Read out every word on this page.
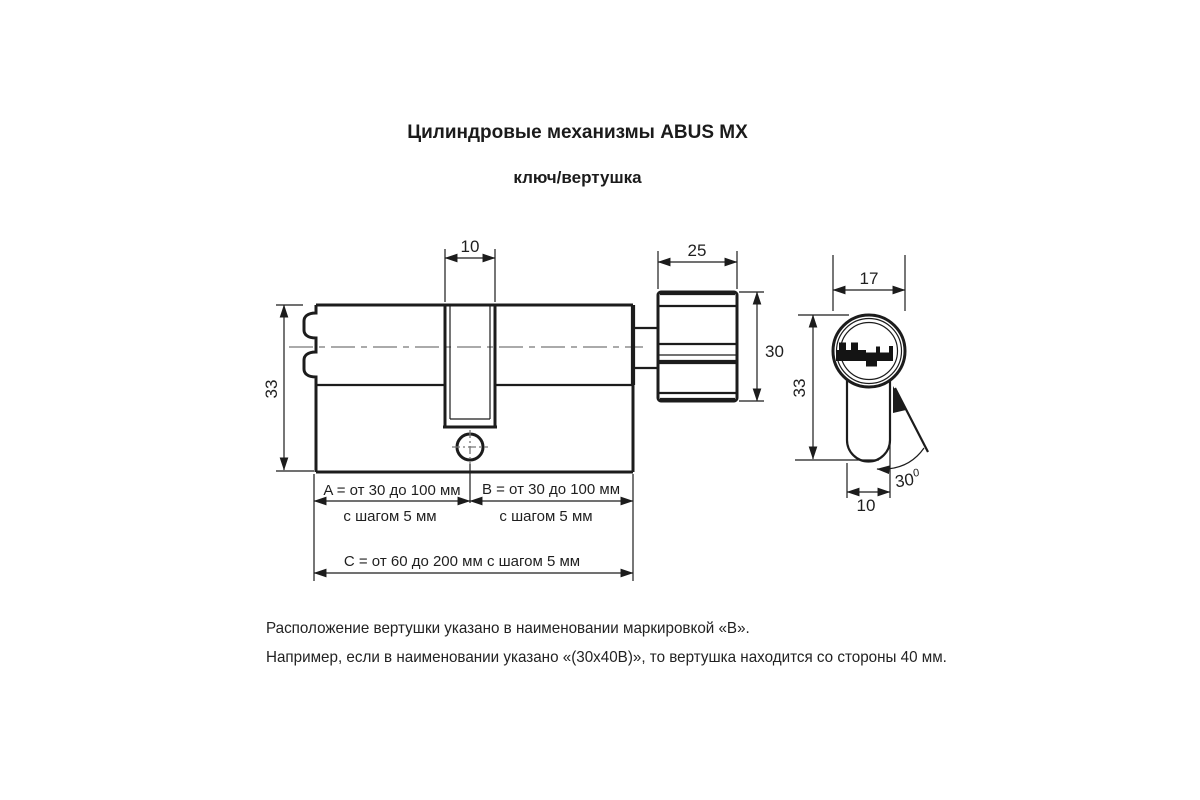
Цилиндровые механизмы ABUS MX
ключ/вертушка
10	25
33
30
A = от 30 до 100 мм
с шагом 5 мм
B = от 30 до 100 мм
с шагом 5 мм
C = от 60 до 200 мм с шагом 5 мм
17
33
10
30
0
Расположение вертушки указано в наименовании маркировкой «В».
Например, если в наименовании указано «(30х40В)», то вертушка находится со стороны 40 мм.
